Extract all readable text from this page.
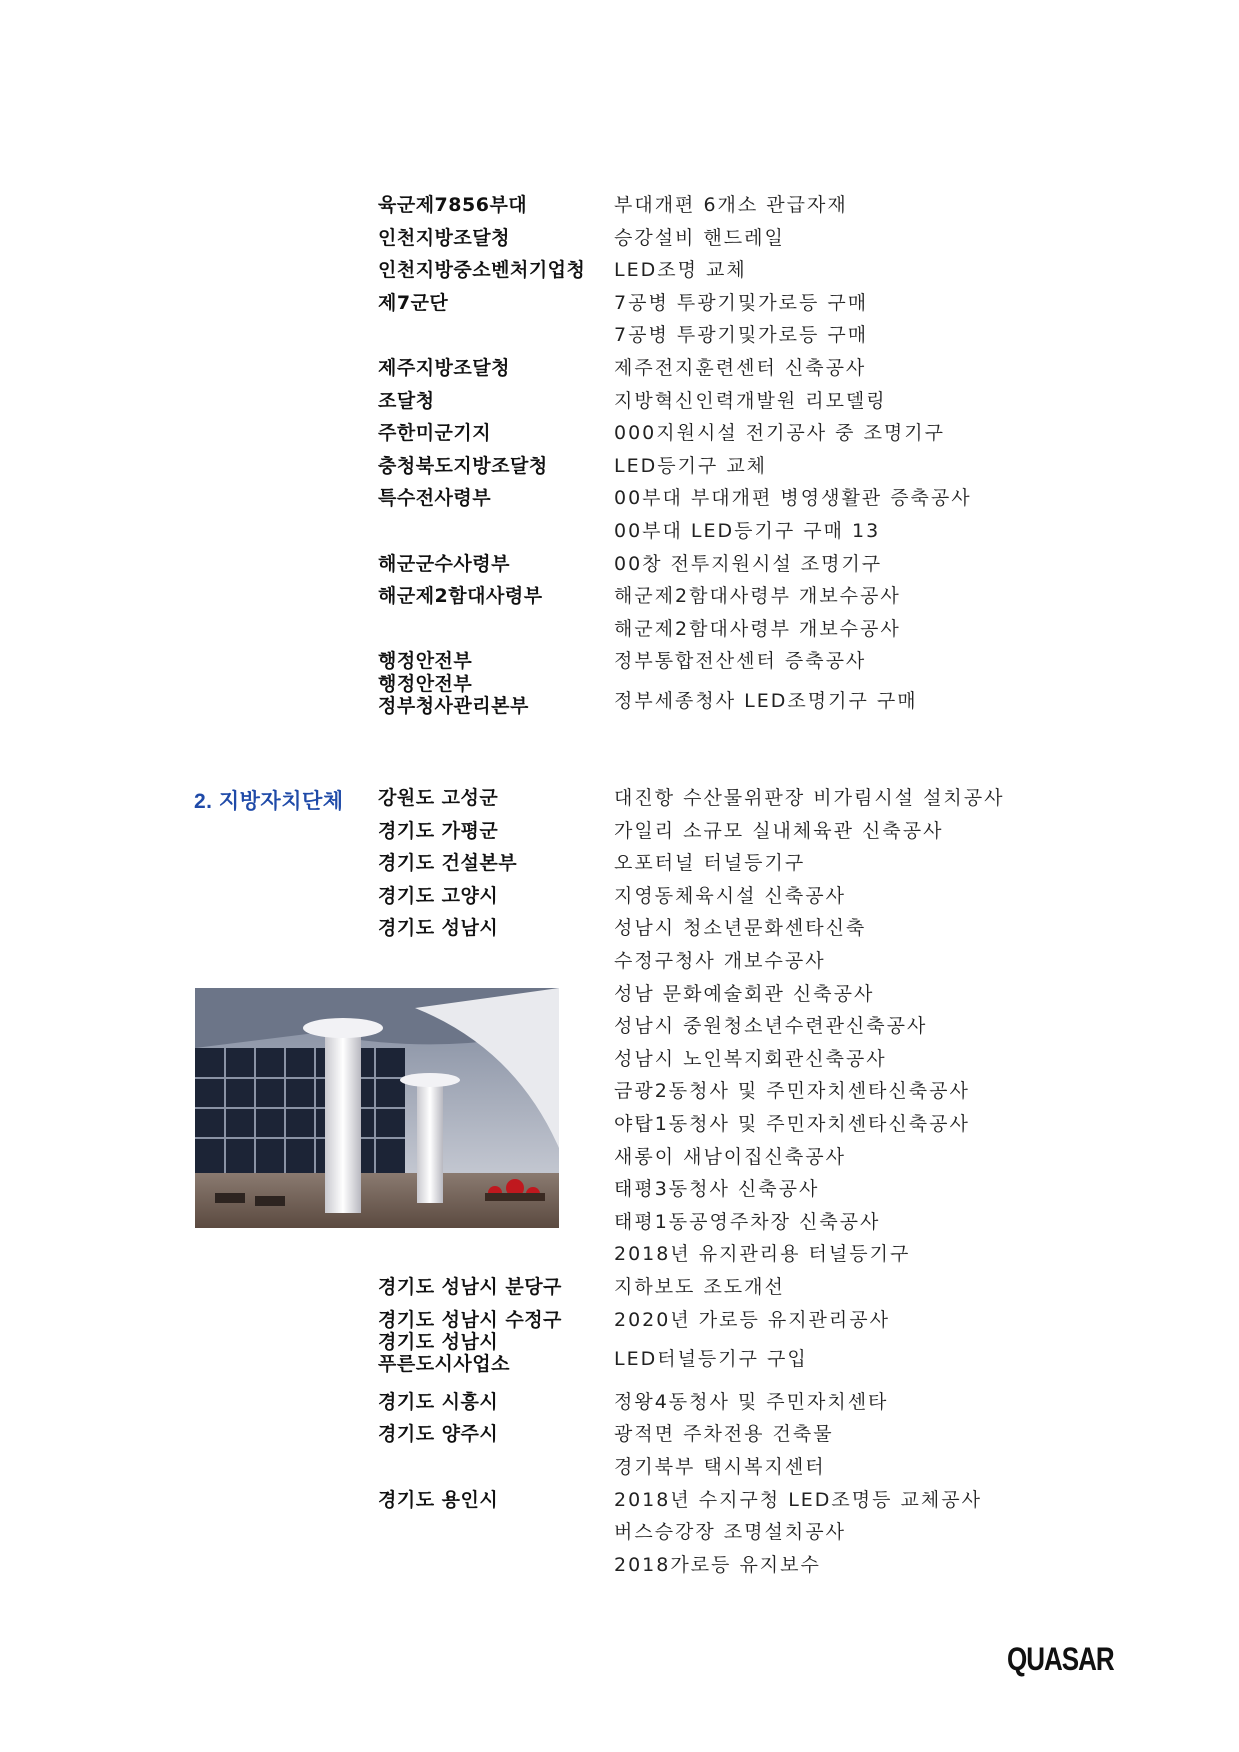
육군제7856부대	부대개편 6개소 관급자재
인천지방조달청	승강설비 핸드레일
인천지방중소벤처기업청 LED조명 교체
제7군단	7공병 투광기및가로등 구매
7공병 투광기및가로등 구매
제주지방조달청	제주전지훈련센터 신축공사
조달청	지방혁신인력개발원 리모델링
주한미군기지	000지원시설 전기공사 중 조명기구
충청북도지방조달청	LED등기구 교체
특수전사령부	00부대 부대개편 병영생활관 증축공사
00부대 LED등기구 구매 13
해군군수사령부	00창 전투지원시설 조명기구
해군제2함대사령부	해군제2함대사령부 개보수공사
해군제2함대사령부 개보수공사
행정안전부	정부통합전산센터 증축공사
행정안전부
정부청사관리본부	정부세종청사 LED조명기구 구매
2. 지방자치단체 강원도 고성군	대진항 수산물위판장 비가림시설 설치공사
경기도 가평군	가일리 소규모 실내체육관 신축공사
경기도 건설본부	오포터널 터널등기구
경기도 고양시	지영동체육시설 신축공사
경기도 성남시	성남시 청소년문화센타신축
수정구청사 개보수공사
성남 문화예술회관 신축공사
성남시 중원청소년수련관신축공사
성남시 노인복지회관신축공사
금광2동청사 및 주민자치센타신축공사
야탑1동청사 및 주민자치센타신축공사
새롱이 새남이집신축공사
태평3동청사 신축공사
태평1동공영주차장 신축공사
2018년 유지관리용 터널등기구
경기도 성남시 분당구	지하보도 조도개선
경기도 성남시 수정구	2020년 가로등 유지관리공사
경기도 성남시
푸른도시사업소	LED터널등기구 구입
경기도 시흥시	정왕4동청사 및 주민자치센타
경기도 양주시	광적면 주차전용 건축물
경기북부 택시복지센터
경기도 용인시	2018년 수지구청 LED조명등 교체공사
버스승강장 조명설치공사
2018가로등 유지보수
QUASAR
